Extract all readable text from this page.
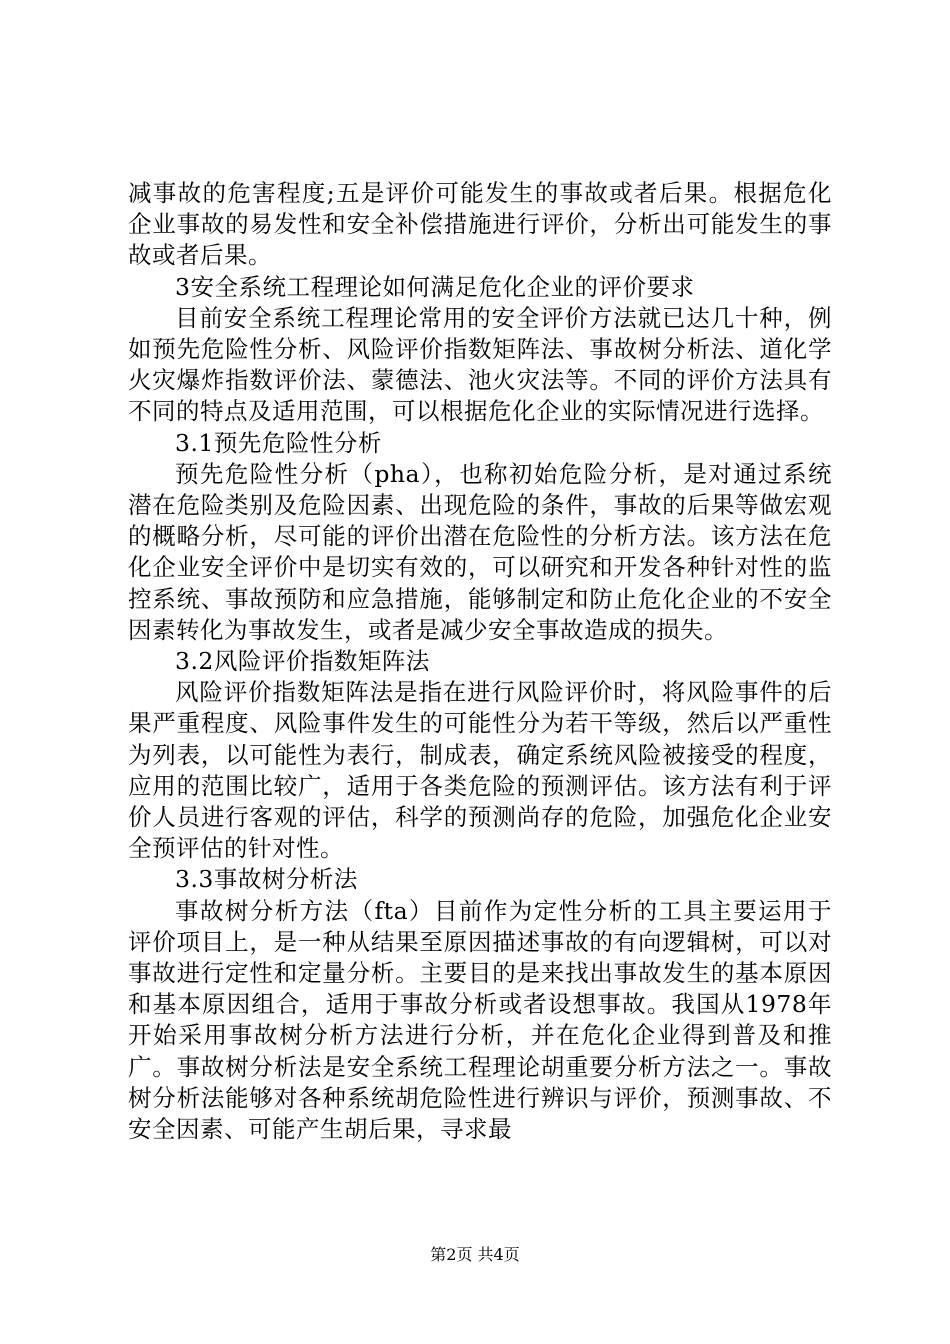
减事故的危害程度;五是评价可能发生的事故或者后果。根据危化企业事故的易发性和安全补偿措施进行评价，分析出可能发生的事故或者后果。

3安全系统工程理论如何满足危化企业的评价要求

目前安全系统工程理论常用的安全评价方法就已达几十种，例如预先危险性分析、风险评价指数矩阵法、事故树分析法、道化学火灾爆炸指数评价法、蒙德法、池火灾法等。不同的评价方法具有不同的特点及适用范围，可以根据危化企业的实际情况进行选择。

3.1预先危险性分析

预先危险性分析（pha），也称初始危险分析，是对通过系统潜在危险类别及危险因素、出现危险的条件，事故的后果等做宏观的概略分析，尽可能的评价出潜在危险性的分析方法。该方法在危化企业安全评价中是切实有效的，可以研究和开发各种针对性的监控系统、事故预防和应急措施，能够制定和防止危化企业的不安全因素转化为事故发生，或者是减少安全事故造成的损失。

3.2风险评价指数矩阵法

风险评价指数矩阵法是指在进行风险评价时，将风险事件的后果严重程度、风险事件发生的可能性分为若干等级，然后以严重性为列表，以可能性为表行，制成表，确定系统风险被接受的程度，应用的范围比较广，适用于各类危险的预测评估。该方法有利于评价人员进行客观的评估，科学的预测尚存的危险，加强危化企业安全预评估的针对性。

3.3事故树分析法

事故树分析方法（fta）目前作为定性分析的工具主要运用于评价项目上，是一种从结果至原因描述事故的有向逻辑树，可以对事故进行定性和定量分析。主要目的是来找出事故发生的基本原因和基本原因组合，适用于事故分析或者设想事故。我国从1978年开始采用事故树分析方法进行分析，并在危化企业得到普及和推广。事故树分析法是安全系统工程理论胡重要分析方法之一。事故树分析法能够对各种系统胡危险性进行辨识与评价，预测事故、不安全因素、可能产生胡后果，寻求最

第2页 共4页
